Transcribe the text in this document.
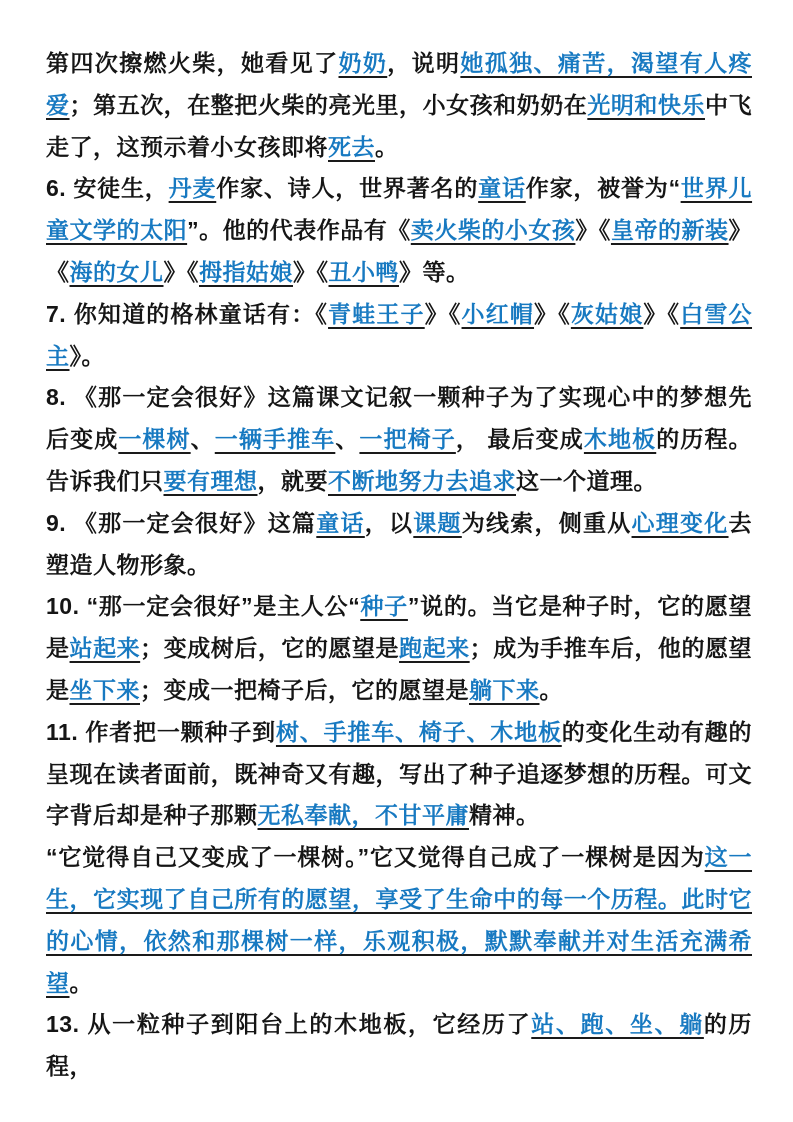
第四次擦燃火柴，她看见了奶奶，说明她孤独、痛苦，渴望有人疼爱；第五次，在整把火柴的亮光里，小女孩和奶奶在光明和快乐中飞走了，这预示着小女孩即将死去。

6. 安徒生，丹麦作家、诗人，世界著名的童话作家，被誉为“世界儿童文学的太阳”。他的代表作品有《卖火柴的小女孩》《皇帝的新装》《海的女儿》《拇指姑娘》《丑小鸭》等。

7. 你知道的格林童话有：《青蛙王子》《小红帽》《灰姑娘》《白雪公主》。

8. 《那一定会很好》这篇课文记叙一颗种子为了实现心中的梦想先后变成一棵树、一辆手推车、一把椅子， 最后变成木地板的历程。告诉我们只要有理想，就要不断地努力去追求这一个道理。

9. 《那一定会很好》这篇童话，以课题为线索，侧重从心理变化去塑造人物形象。

10. “那一定会很好”是主人公“种子”说的。当它是种子时，它的愿望是站起来；变成树后，它的愿望是跑起来；成为手推车后，他的愿望是坐下来；变成一把椅子后，它的愿望是躺下来。

11. 作者把一颗种子到树、手推车、椅子、木地板的变化生动有趣的呈现在读者面前，既神奇又有趣，写出了种子追逐梦想的历程。可文字背后却是种子那颗无私奉献，不甘平庸精神。

“它觉得自己又变成了一棵树。”它又觉得自己成了一棵树是因为这一生，它实现了自己所有的愿望，享受了生命中的每一个历程。此时它的心情，依然和那棵树一样，乐观积极，默默奉献并对生活充满希望。

13. 从一粒种子到阳台上的木地板，它经历了站、跑、坐、躺的历程，
